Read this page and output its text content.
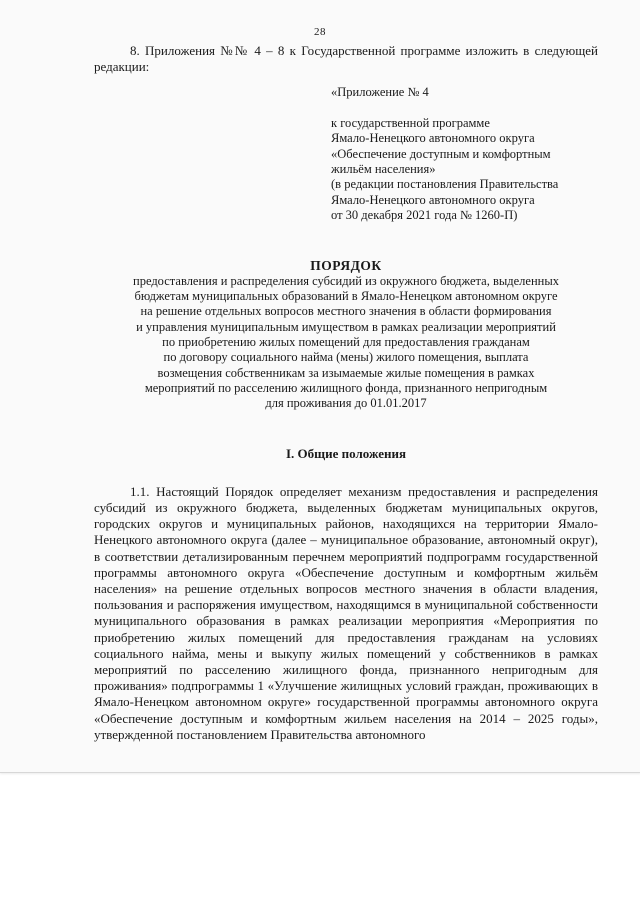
28
8. Приложения №№ 4 – 8 к Государственной программе изложить в следующей редакции:
«Приложение № 4
к государственной программе
Ямало-Ненецкого автономного округа
«Обеспечение доступным и комфортным
жильём населения»
(в редакции постановления Правительства
Ямало-Ненецкого автономного округа
от 30 декабря 2021 года № 1260-П)
ПОРЯДОК
предоставления и распределения субсидий из окружного бюджета, выделенных
бюджетам муниципальных образований в Ямало-Ненецком автономном округе
на решение отдельных вопросов местного значения в области формирования
и управления муниципальным имуществом в рамках реализации мероприятий
по приобретению жилых помещений для предоставления гражданам
по договору социального найма (мены) жилого помещения, выплата
возмещения собственникам за изымаемые жилые помещения в рамках
мероприятий по расселению жилищного фонда, признанного непригодным
для проживания до 01.01.2017
I. Общие положения

1.1. Настоящий Порядок определяет механизм предоставления и распределения субсидий из окружного бюджета, выделенных бюджетам муниципальных округов, городских округов и муниципальных районов, находящихся на территории Ямало-Ненецкого автономного округа (далее – муниципальное образование, автономный округ), в соответствии детализированным перечнем мероприятий подпрограмм государственной программы автономного округа «Обеспечение доступным и комфортным жильём населения» на решение отдельных вопросов местного значения в области владения, пользования и распоряжения имуществом, находящимся в муниципальной собственности муниципального образования в рамках реализации мероприятия «Мероприятия по приобретению жилых помещений для предоставления гражданам на условиях социального найма, мены и выкупу жилых помещений у собственников в рамках мероприятий по расселению жилищного фонда, признанного непригодным для проживания» подпрограммы 1 «Улучшение жилищных условий граждан, проживающих в Ямало-Ненецком автономном округе» государственной программы автономного округа «Обеспечение доступным и комфортным жильем населения на 2014 – 2025 годы», утвержденной постановлением Правительства автономного
